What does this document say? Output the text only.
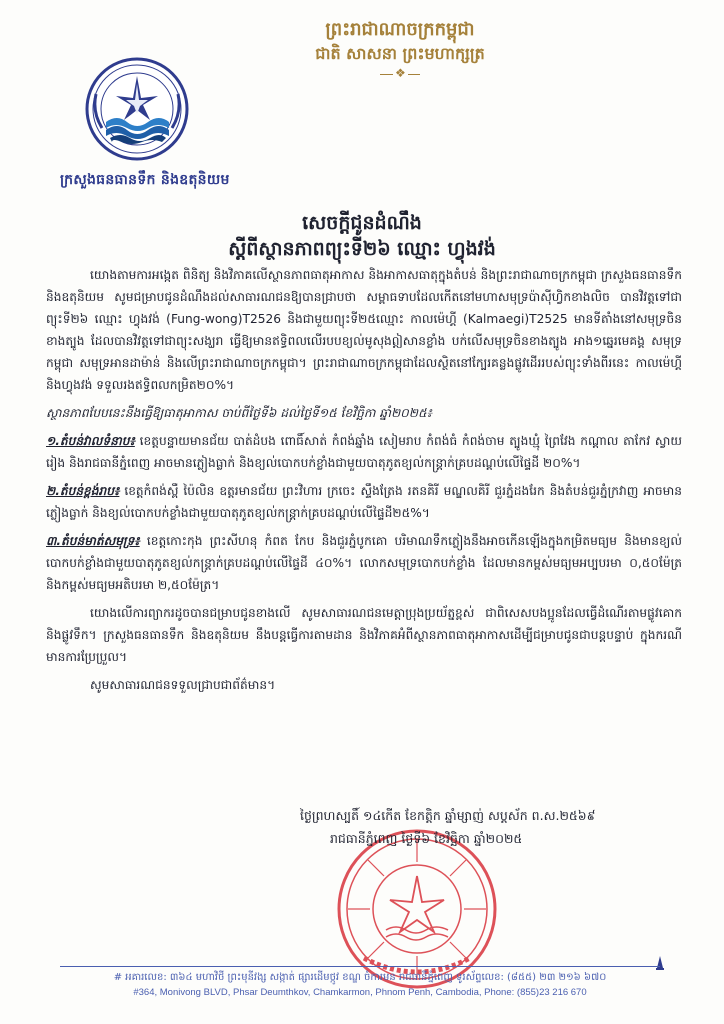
ព្រះរាជាណាចក្រកម្ពុជា
ជាតិ សាសនា ព្រះមហាក្សត្រ
❖
ក្រសួងធនធានទឹក និងឧតុនិយម
សេចក្តីជូនដំណឹង
ស្តីពីស្ថានភាពព្យុះទី២៦ ឈ្មោះ ហ្វុងវង់

យោងតាមការអង្កេត ពិនិត្យ និងវិភាគលើស្ថានភាពធាតុអាកាស និងអាកាសធាតុក្នុងតំបន់ និងព្រះរាជាណាចក្រកម្ពុជា ក្រសួងធនធានទឹក និងឧតុនិយម សូមជម្រាបជូនដំណឹងដល់សាធារណជនឱ្យបានជ្រាបថា សម្ពាធទាបដែលកើតនៅមហាសមុទ្រប៉ាស៊ីហ្វិកខាងលិច បានវិវត្តទៅជាព្យុះទី២៦ ឈ្មោះ ហ្វុងវង់ (Fung-wong)T2526 និងជាមួយព្យុះទី២៥ឈ្មោះ កាលម៉េហ្គី (Kalmaegi)T2525 មានទីតាំងនៅសមុទ្រចិនខាងត្បូង ដែលបានវិវត្តទៅជាព្យុះសង្ឃរា ធ្វើឱ្យមានឥទ្ធិពលលើរបបខ្យល់មូសុងឦសានខ្លាំង បក់លើសមុទ្រចិនខាងត្បូង អាង១ឆ្នេរមេគង្គ សមុទ្រកម្ពុជា សមុទ្រអានដាម៉ាន់ និងលើព្រះរាជាណាចក្រកម្ពុជា។ ព្រះរាជាណាចក្រកម្ពុជាដែលស្ថិតនៅក្បែរគន្លងផ្លូវដើររបស់ព្យុះទាំងពីរនេះ កាលម៉េហ្គី និងហ្វុងវង់ ទទួលរងឥទ្ធិពលកម្រិត២០%។

ស្ថានភាពបែបនេះនឹងធ្វើឱ្យធាតុអាកាស ចាប់ពីថ្ងៃទី៦ ដល់ថ្ងៃទី១៥ ខែវិច្ឆិកា ឆ្នាំ២០២៥៖

១.តំបន់វាលទំនាប៖ ខេត្តបន្ទាយមានជ័យ បាត់ដំបង ពោធិ៍សាត់ កំពង់ឆ្នាំង សៀមរាប កំពង់ធំ កំពង់ចាម ត្បូងឃ្មុំ ព្រៃវែង កណ្តាល តាកែវ ស្វាយរៀង និងរាជធានីភ្នំពេញ អាចមានភ្លៀងធ្លាក់ និងខ្យល់បោកបក់ខ្លាំងជាមួយបាតុភូតខ្យល់កន្ត្រាក់គ្របដណ្តប់លើផ្ទៃដី ២០%។

២.តំបន់ខ្ពង់រាប៖ ខេត្តកំពង់ស្ពឺ ប៉ៃលិន ឧត្តរមានជ័យ ព្រះវិហារ ក្រចេះ ស្ទឹងត្រែង រតនគិរី មណ្ឌលគិរី ជួរភ្នំដងរែក និងតំបន់ជួរភ្នំក្រវាញ អាចមានភ្លៀងធ្លាក់ និងខ្យល់បោកបក់ខ្លាំងជាមួយបាតុភូតខ្យល់កន្ត្រាក់គ្របដណ្តប់លើផ្ទៃដី២៥%។

៣.តំបន់មាត់សមុទ្រ៖ ខេត្តកោះកុង ព្រះសីហនុ កំពត កែប និងជួរភ្នំបូកគោ បរិមាណទឹកភ្លៀងនឹងអាចកើនឡើងក្នុងកម្រិតមធ្យម និងមានខ្យល់បោកបក់ខ្លាំងជាមួយបាតុភូតខ្យល់កន្ត្រាក់គ្របដណ្តប់លើផ្ទៃដី ៤០%។ លោកសមុទ្របោកបក់ខ្លាំង ដែលមានកម្ពស់មធ្យមអប្បបរមា ០,៥០ម៉ែត្រ និងកម្ពស់មធ្យមអតិបរមា ២,៥០ម៉ែត្រ។

យោងលើការព្យាករដូចបានជម្រាបជូនខាងលើ សូមសាធារណជនមេត្តាប្រុងប្រយ័ត្នខ្ពស់ ជាពិសេសបងប្អូនដែលធ្វើដំណើរតាមផ្លូវគោក និងផ្លូវទឹក។ ក្រសួងធនធានទឹក និងឧតុនិយម នឹងបន្តធ្វើការតាមដាន និងវិភាគអំពីស្ថានភាពធាតុអាកាសដើម្បីជម្រាបជូនជាបន្តបន្ទាប់ ក្នុងករណីមានការប្រែប្រួល។

សូមសាធារណជនទទួលជ្រាបជាព័ត៌មាន។

ថ្ងៃព្រហស្បតិ៍ ១៤កើត ខែកត្តិក ឆ្នាំម្សាញ់ សប្តស័ក ព.ស.២៥៦៩
រាជធានីភ្នំពេញ ថ្ងៃទី៦ ខែវិច្ឆិកា ឆ្នាំ២០២៥
# អគារលេខ: ៣៦៤ មហាវិថី ព្រះមុនីវង្ស សង្កាត់ ផ្សារដើមថ្កូវ ខណ្ឌ ចំការមន រាជធានីភ្នំពេញ ទូរស័ព្ទលេខ: (៨៥៥) ២៣ ២១៦ ៦៧០
#364, Monivong BLVD, Phsar Deumthkov, Chamkarmon, Phnom Penh, Cambodia, Phone: (855)23 216 670
